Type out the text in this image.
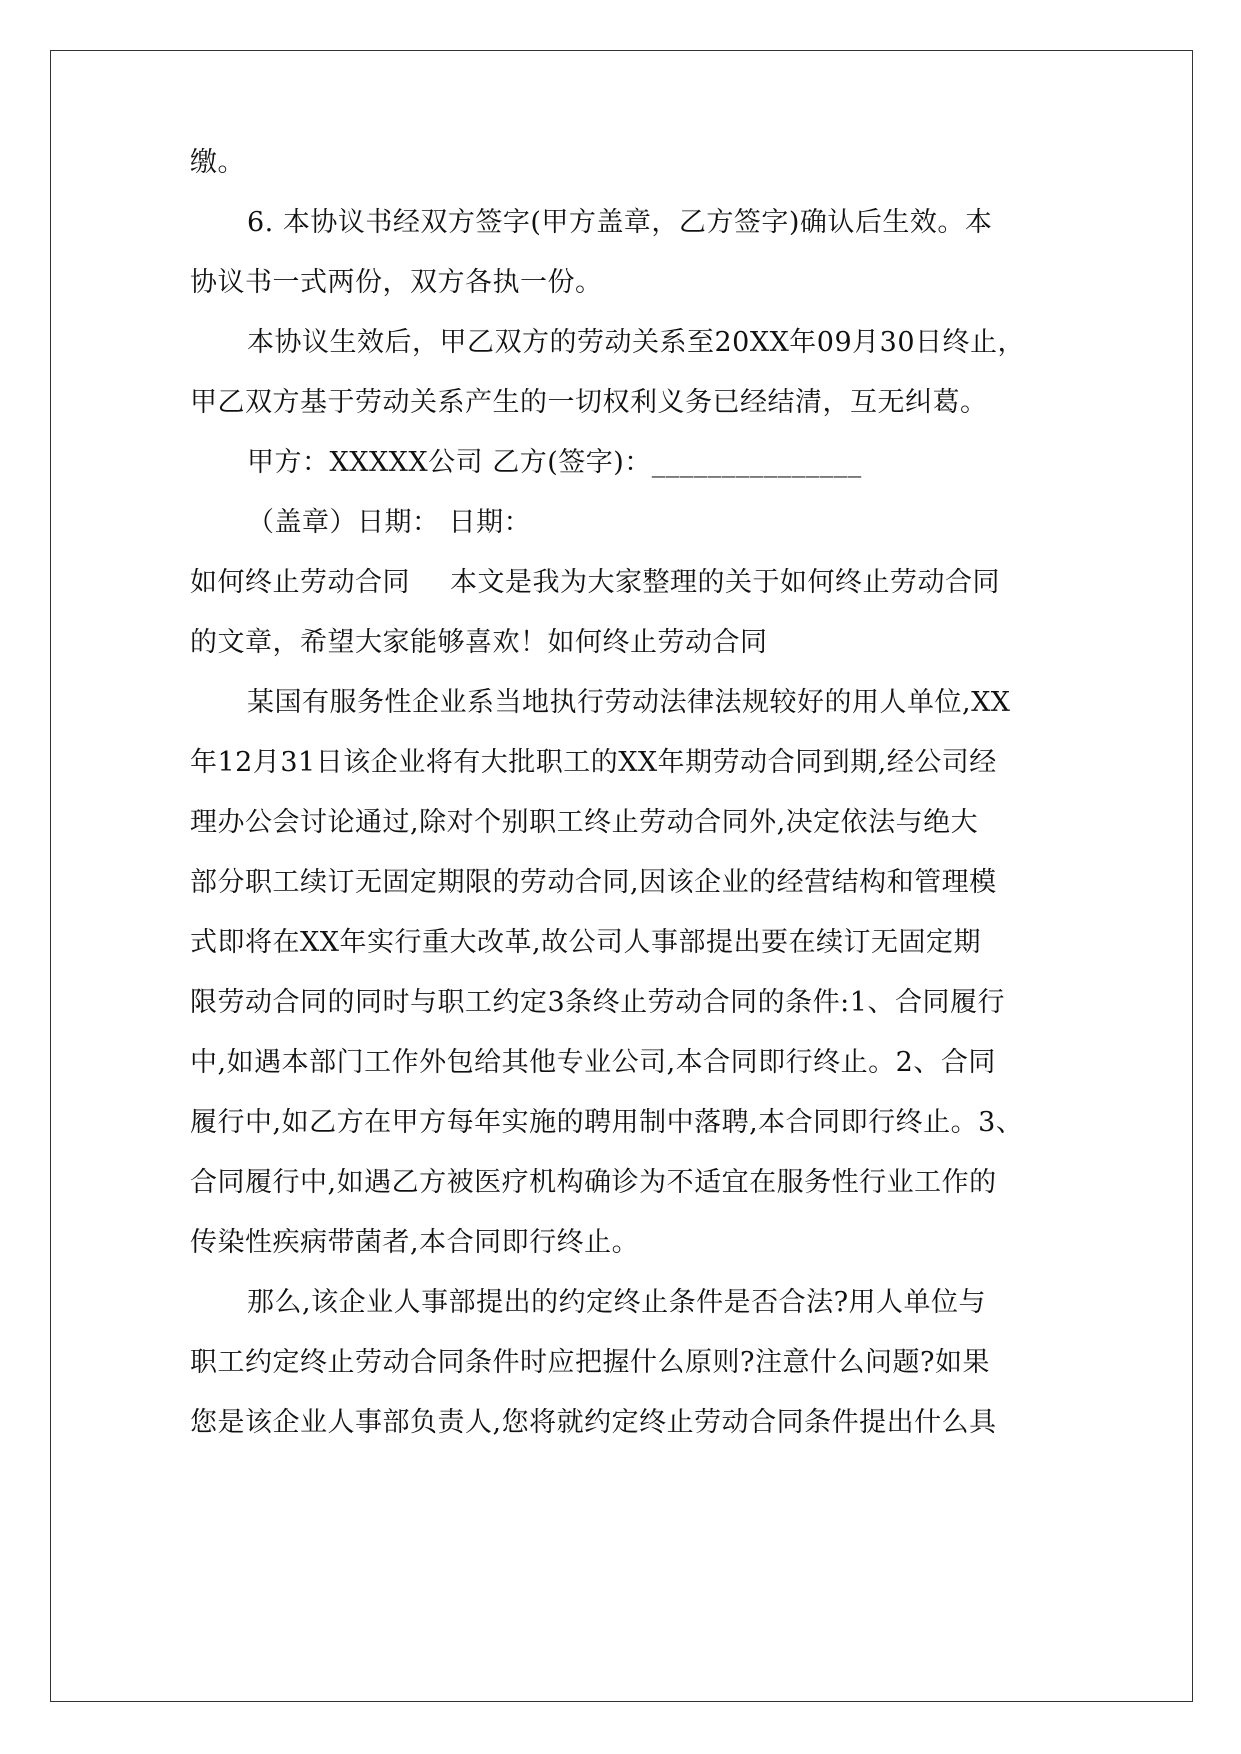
缴。
6. 本协议书经双方签字(甲方盖章，乙方签字)确认后生效。本
协议书一式两份，双方各执一份。
本协议生效后，甲乙双方的劳动关系至20XX年09月30日终止，
甲乙双方基于劳动关系产生的一切权利义务已经结清，互无纠葛。
甲方：XXXXX公司 乙方(签字)：_______________
（盖章）日期： 日期：
如何终止劳动合同 本文是我为大家整理的关于如何终止劳动合同
的文章，希望大家能够喜欢！如何终止劳动合同
某国有服务性企业系当地执行劳动法律法规较好的用人单位,XX
年12月31日该企业将有大批职工的XX年期劳动合同到期,经公司经
理办公会讨论通过,除对个别职工终止劳动合同外,决定依法与绝大
部分职工续订无固定期限的劳动合同,因该企业的经营结构和管理模
式即将在XX年实行重大改革,故公司人事部提出要在续订无固定期
限劳动合同的同时与职工约定3条终止劳动合同的条件:1、合同履行
中,如遇本部门工作外包给其他专业公司,本合同即行终止。2、合同
履行中,如乙方在甲方每年实施的聘用制中落聘,本合同即行终止。3、
合同履行中,如遇乙方被医疗机构确诊为不适宜在服务性行业工作的
传染性疾病带菌者,本合同即行终止。
那么,该企业人事部提出的约定终止条件是否合法?用人单位与
职工约定终止劳动合同条件时应把握什么原则?注意什么问题?如果
您是该企业人事部负责人,您将就约定终止劳动合同条件提出什么具
